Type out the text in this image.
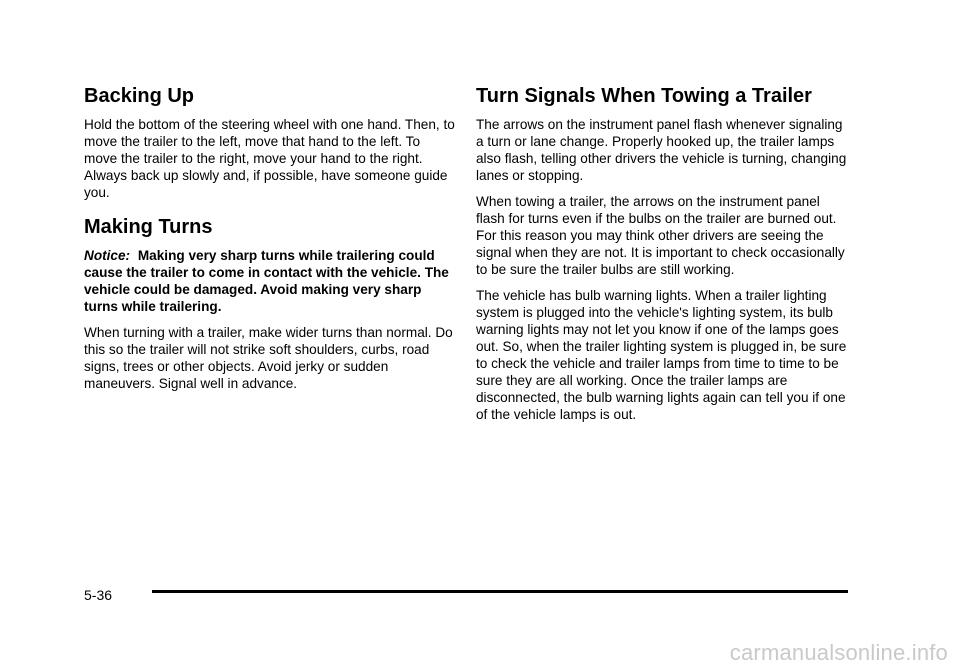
Backing Up

Hold the bottom of the steering wheel with one hand. Then, to move the trailer to the left, move that hand to the left. To move the trailer to the right, move your hand to the right. Always back up slowly and, if possible, have someone guide you.

Making Turns

Notice: Making very sharp turns while trailering could cause the trailer to come in contact with the vehicle. The vehicle could be damaged. Avoid making very sharp turns while trailering.

When turning with a trailer, make wider turns than normal. Do this so the trailer will not strike soft shoulders, curbs, road signs, trees or other objects. Avoid jerky or sudden maneuvers. Signal well in advance.

Turn Signals When Towing a Trailer

The arrows on the instrument panel flash whenever signaling a turn or lane change. Properly hooked up, the trailer lamps also flash, telling other drivers the vehicle is turning, changing lanes or stopping.

When towing a trailer, the arrows on the instrument panel flash for turns even if the bulbs on the trailer are burned out. For this reason you may think other drivers are seeing the signal when they are not. It is important to check occasionally to be sure the trailer bulbs are still working.

The vehicle has bulb warning lights. When a trailer lighting system is plugged into the vehicle's lighting system, its bulb warning lights may not let you know if one of the lamps goes out. So, when the trailer lighting system is plugged in, be sure to check the vehicle and trailer lamps from time to time to be sure they are all working. Once the trailer lamps are disconnected, the bulb warning lights again can tell you if one of the vehicle lamps is out.

5-36
carmanualsonline.info
